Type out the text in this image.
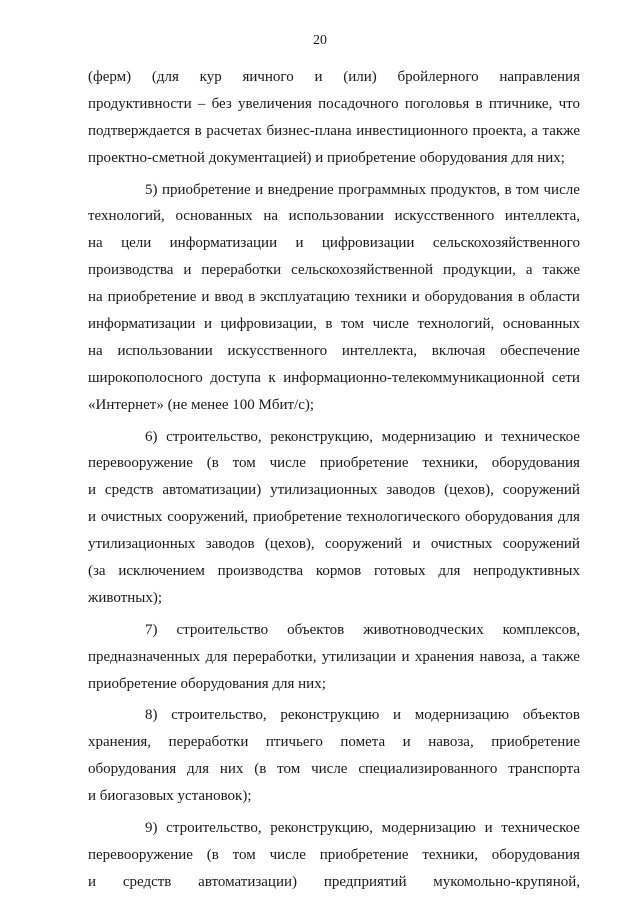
20
(ферм) (для кур яичного и (или) бройлерного направления
продуктивности – без увеличения посадочного поголовья в птичнике, что
подтверждается в расчетах бизнес-плана инвестиционного проекта, а также
проектно-сметной документацией) и приобретение оборудования для них;
5) приобретение и внедрение программных продуктов, в том числе
технологий, основанных на использовании искусственного интеллекта,
на цели информатизации и цифровизации сельскохозяйственного
производства и переработки сельскохозяйственной продукции, а также
на приобретение и ввод в эксплуатацию техники и оборудования в области
информатизации и цифровизации, в том числе технологий, основанных
на использовании искусственного интеллекта, включая обеспечение
широкополосного доступа к информационно-телекоммуникационной сети
«Интернет» (не менее 100 Мбит/с);
6) строительство, реконструкцию, модернизацию и техническое
перевооружение (в том числе приобретение техники, оборудования
и средств автоматизации) утилизационных заводов (цехов), сооружений
и очистных сооружений, приобретение технологического оборудования для
утилизационных заводов (цехов), сооружений и очистных сооружений
(за исключением производства кормов готовых для непродуктивных
животных);
7) строительство объектов животноводческих комплексов,
предназначенных для переработки, утилизации и хранения навоза, а также
приобретение оборудования для них;
8) строительство, реконструкцию и модернизацию объектов
хранения, переработки птичьего помета и навоза, приобретение
оборудования для них (в том числе специализированного транспорта
и биогазовых установок);
9) строительство, реконструкцию, модернизацию и техническое
перевооружение (в том числе приобретение техники, оборудования
и средств автоматизации) предприятий мукомольно-крупяной,
